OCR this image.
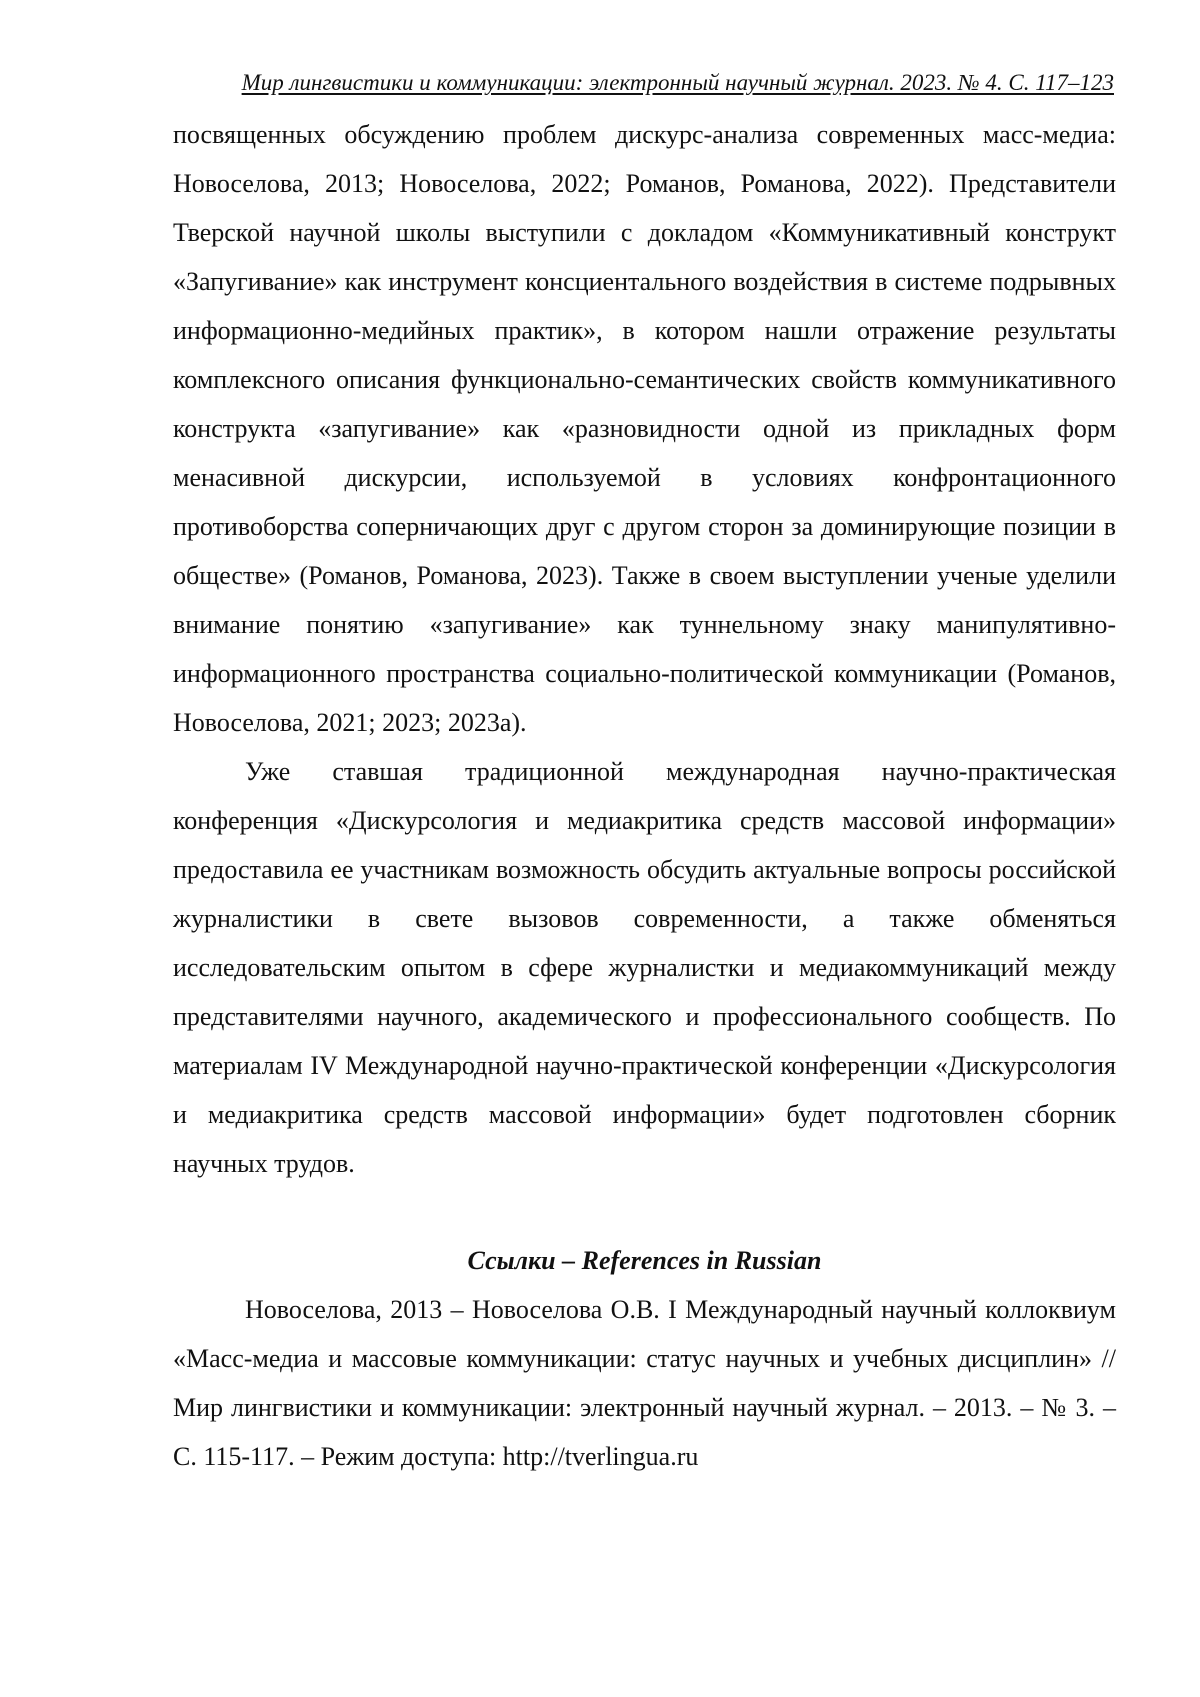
Мир лингвистики и коммуникации: электронный научный журнал. 2023. № 4. С. 117–123

посвященных обсуждению проблем дискурс-анализа современных масс-медиа: Новоселова, 2013; Новоселова, 2022; Романов, Романова, 2022). Представители Тверской научной школы выступили с докладом «Коммуникативный конструкт «Запугивание» как инструмент консциентального воздействия в системе подрывных информационно-медийных практик», в котором нашли отражение результаты комплексного описания функционально-семантических свойств коммуникативного конструкта «запугивание» как «разновидности одной из прикладных форм менасивной дискурсии, используемой в условиях конфронтационного противоборства соперничающих друг с другом сторон за доминирующие позиции в обществе» (Романов, Романова, 2023). Также в своем выступлении ученые уделили внимание понятию «запугивание» как туннельному знаку манипулятивно-информационного пространства социально-политической коммуникации (Романов, Новоселова, 2021; 2023; 2023a).

Уже ставшая традиционной международная научно-практическая конференция «Дискурсология и медиакритика средств массовой информации» предоставила ее участникам возможность обсудить актуальные вопросы российской журналистики в свете вызовов современности, а также обменяться исследовательским опытом в сфере журналистки и медиакоммуникаций между представителями научного, академического и профессионального сообществ. По материалам IV Международной научно-практической конференции «Дискурсология и медиакритика средств массовой информации» будет подготовлен сборник научных трудов.

Ссылки – References in Russian

Новоселова, 2013 – Новоселова О.В. I Международный научный коллоквиум «Масс-медиа и массовые коммуникации: статус научных и учебных дисциплин» // Мир лингвистики и коммуникации: электронный научный журнал. – 2013. – № 3. – С. 115-117. – Режим доступа: http://tverlingua.ru
